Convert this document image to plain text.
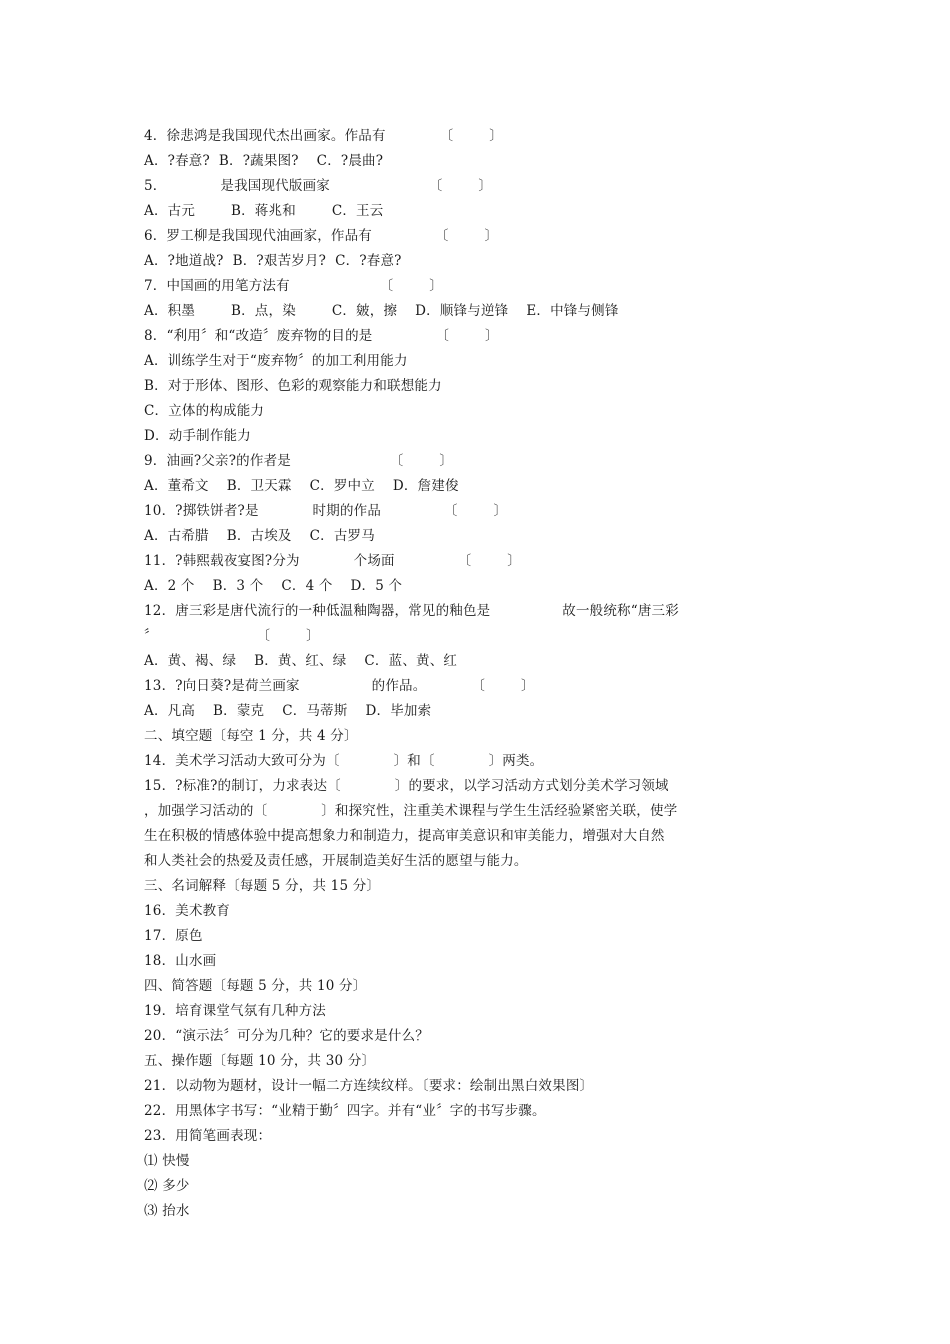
4．徐悲鸿是我国现代杰出画家。作品有            〔        〕
A．?春意?  B．?蔬果图?    C．?晨曲?
5．            是我国现代版画家                      〔        〕
A．古元        B．蒋兆和        C．王云
6．罗工柳是我国现代油画家，作品有              〔        〕
A．?地道战?  B．?艰苦岁月?  C．?春意?
7．中国画的用笔方法有                    〔        〕
A．积墨        B．点，染        C．皴，擦    D．顺锋与逆锋    E．中锋与侧锋
8．“利用〞和“改造〞废弃物的目的是              〔        〕
A．训练学生对于“废弃物〞的加工利用能力
B．对于形体、图形、色彩的观察能力和联想能力
C．立体的构成能力
D．动手制作能力
9．油画?父亲?的作者是                      〔        〕
A．董希文    B．卫天霖    C．罗中立    D．詹建俊
10．?掷铁饼者?是            时期的作品              〔        〕
A．古希腊    B．古埃及    C．古罗马
11．?韩熙载夜宴图?分为            个场面              〔        〕
A．2 个    B．3 个    C．4 个    D．5 个
12．唐三彩是唐代流行的一种低温釉陶器，常见的釉色是                故一般统称“唐三彩
〞                      〔        〕
A．黄、褐、绿    B．黄、红、绿    C．蓝、黄、红
13．?向日葵?是荷兰画家                的作品。          〔        〕
A．凡高    B．蒙克    C．马蒂斯    D．毕加索
二、填空题〔每空 1 分，共 4 分〕
14．美术学习活动大致可分为〔            〕和〔            〕两类。
15．?标准?的制订，力求表达〔            〕的要求，以学习活动方式划分美术学习领域
，加强学习活动的〔            〕和探究性，注重美术课程与学生生活经验紧密关联，使学
生在积极的情感体验中提高想象力和制造力，提高审美意识和审美能力，增强对大自然
和人类社会的热爱及责任感，开展制造美好生活的愿望与能力。
三、名词解释〔每题 5 分，共 15 分〕
16．美术教育
17．原色
18．山水画
四、简答题〔每题 5 分，共 10 分〕
19．培育课堂气氛有几种方法
20．“演示法〞可分为几种？它的要求是什么？
五、操作题〔每题 10 分，共 30 分〕
21．以动物为题材，设计一幅二方连续纹样。〔要求：绘制出黑白效果图〕
22．用黑体字书写：“业精于勤〞四字。并有“业〞字的书写步骤。
23．用简笔画表现：
⑴ 快慢
⑵ 多少
⑶ 抬水
